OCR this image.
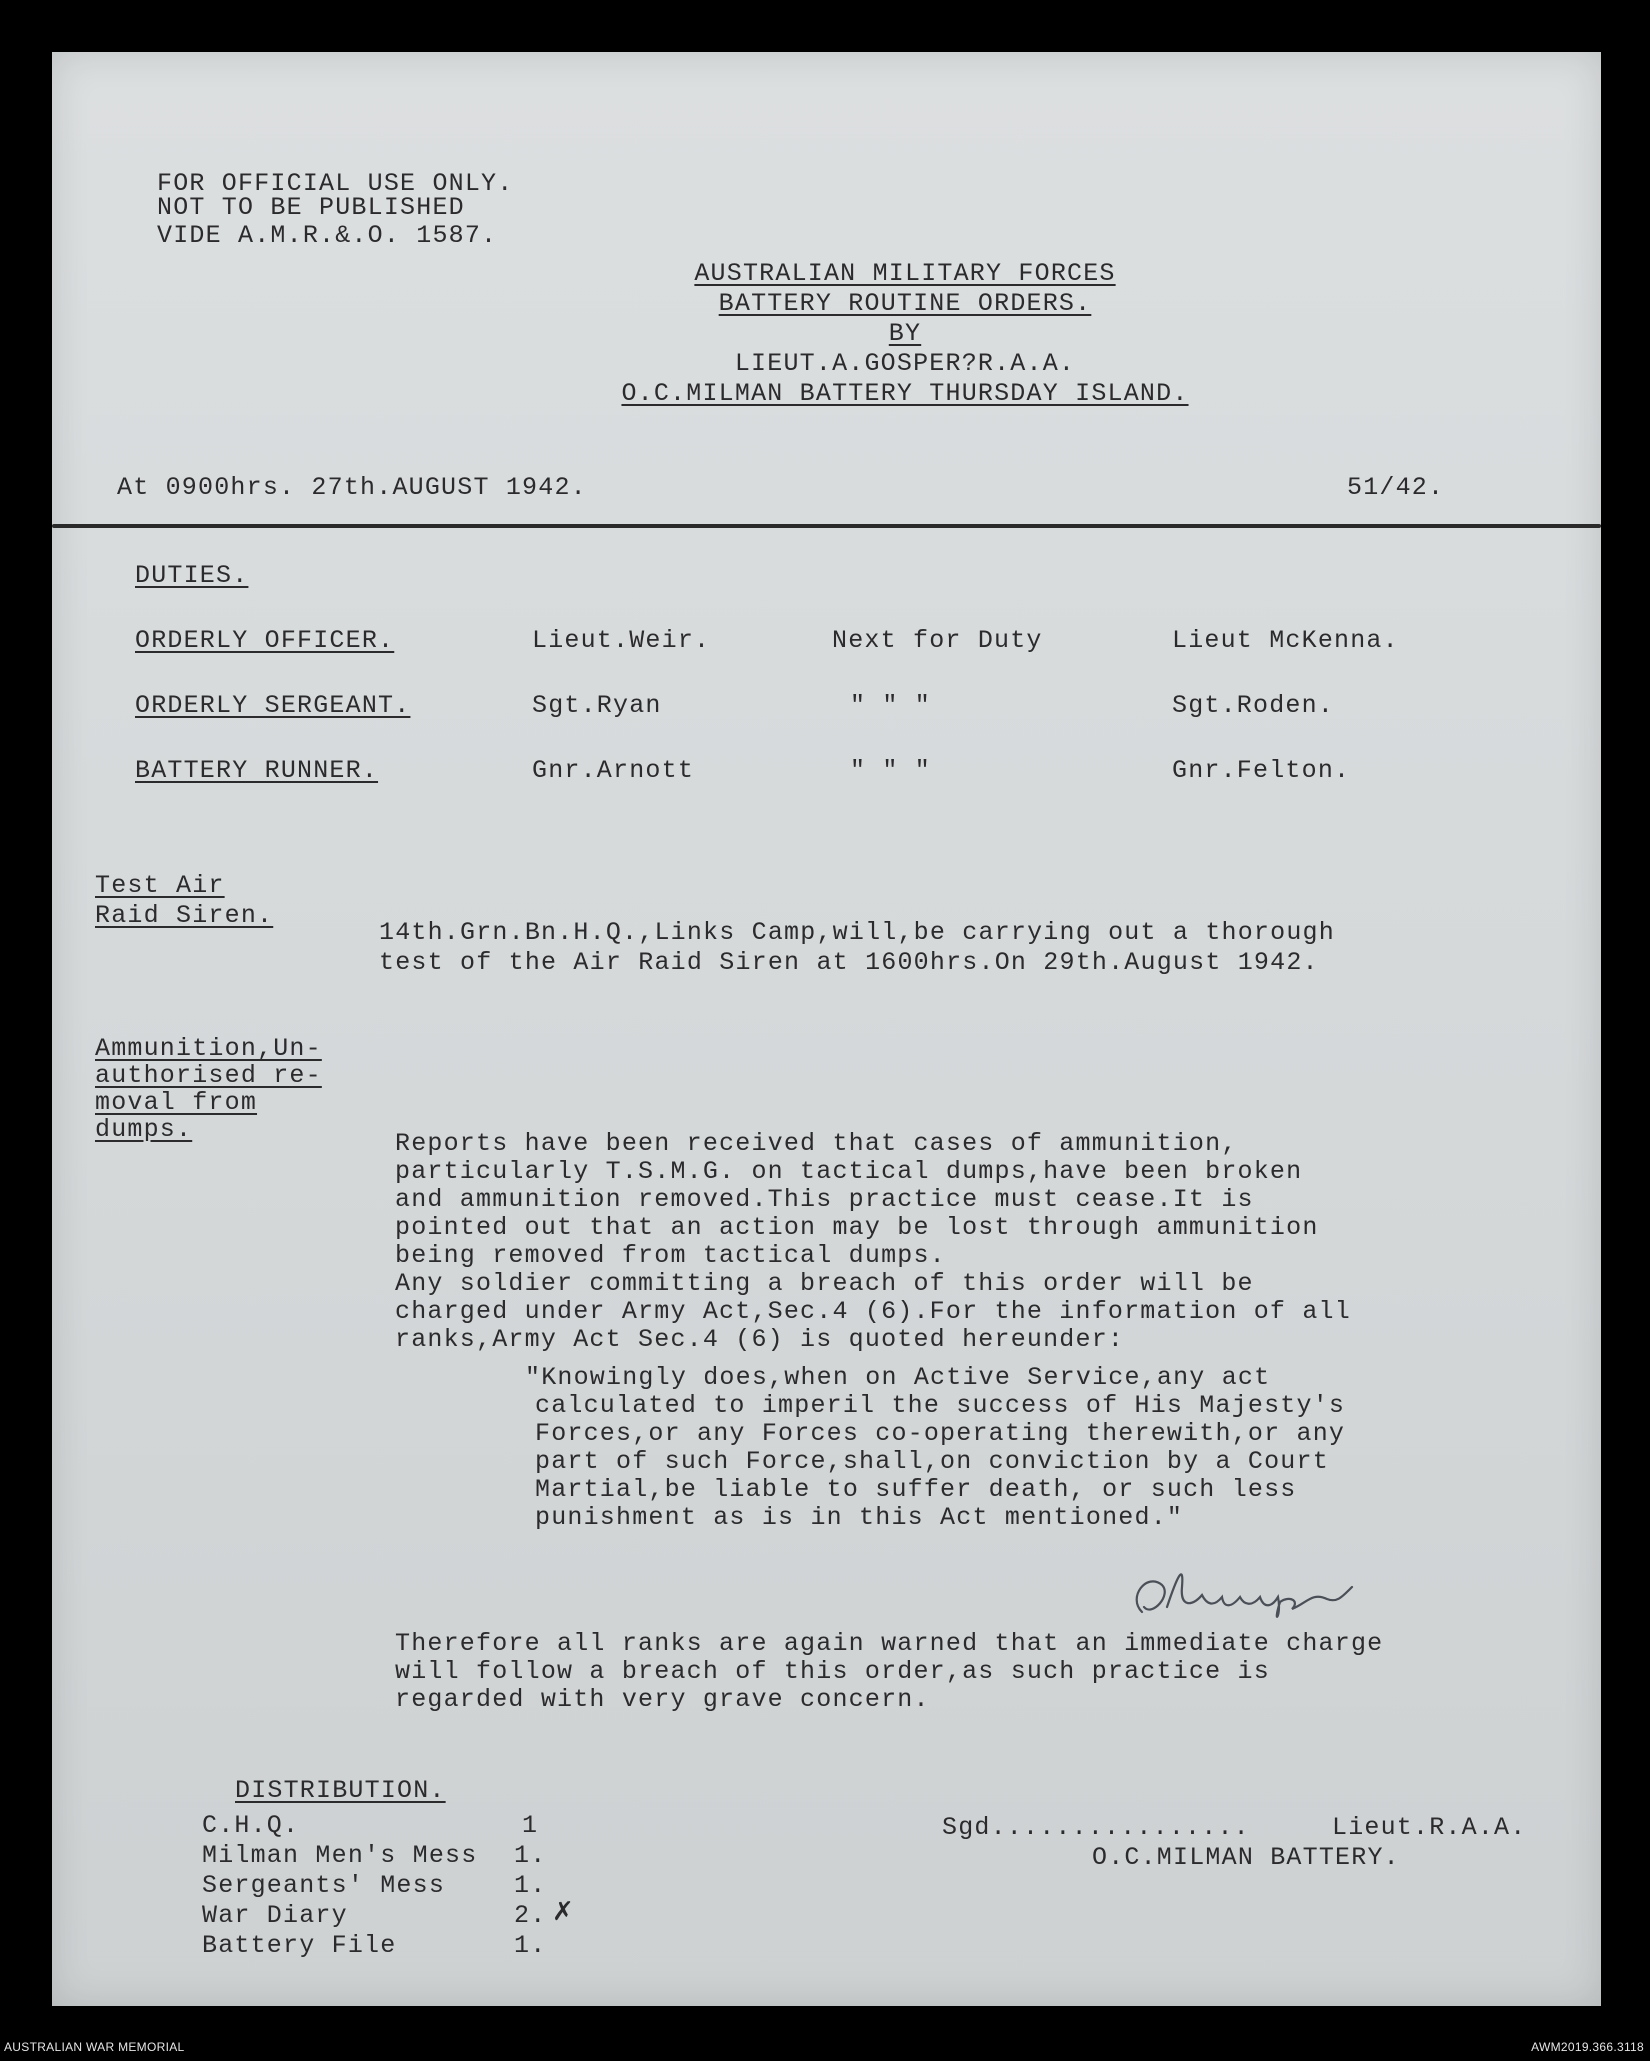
FOR OFFICIAL USE ONLY.
NOT TO BE PUBLISHED
VIDE A.M.R.&.O. 1587.
AUSTRALIAN MILITARY FORCES
BATTERY ROUTINE ORDERS.
BY
LIEUT.A.GOSPER?R.A.A.
O.C.MILMAN BATTERY THURSDAY ISLAND.
At 0900hrs. 27th.AUGUST 1942.	51/42.
DUTIES.
ORDERLY OFFICER.	Lieut.Weir.	Next for Duty	Lieut McKenna.
ORDERLY SERGEANT.	Sgt.Ryan	" " "	Sgt.Roden.
BATTERY RUNNER.	Gnr.Arnott	" " "	Gnr.Felton.
Test Air
Raid Siren.
14th.Grn.Bn.H.Q.,Links Camp,will,be carrying out a thorough
test of the Air Raid Siren at 1600hrs.On 29th.August 1942.
Ammunition,Un-
authorised re-
moval from
dumps.	Reports have been received that cases of ammunition,
particularly T.S.M.G. on tactical dumps,have been broken
and ammunition removed.This practice must cease.It is
pointed out that an action may be lost through ammunition
being removed from tactical dumps.
Any soldier committing a breach of this order will be
charged under Army Act,Sec.4 (6).For the information of all
ranks,Army Act Sec.4 (6) is quoted hereunder:
"Knowingly does,when on Active Service,any act
calculated to imperil the success of His Majesty's
Forces,or any Forces co-operating therewith,or any
part of such Force,shall,on conviction by a Court
Martial,be liable to suffer death, or such less
punishment as is in this Act mentioned."
Therefore all ranks are again warned that an immediate charge
will follow a breach of this order,as such practice is
regarded with very grave concern.
DISTRIBUTION.
C.H.Q.	1
Milman Men's Mess 1.
Sergeants' Mess	1.
War Diary	2. ✗
Battery File	1.
Sgd................	Lieut.R.A.A.
O.C.MILMAN BATTERY.
AUSTRALIAN WAR MEMORIAL	AWM2019.366.3118
